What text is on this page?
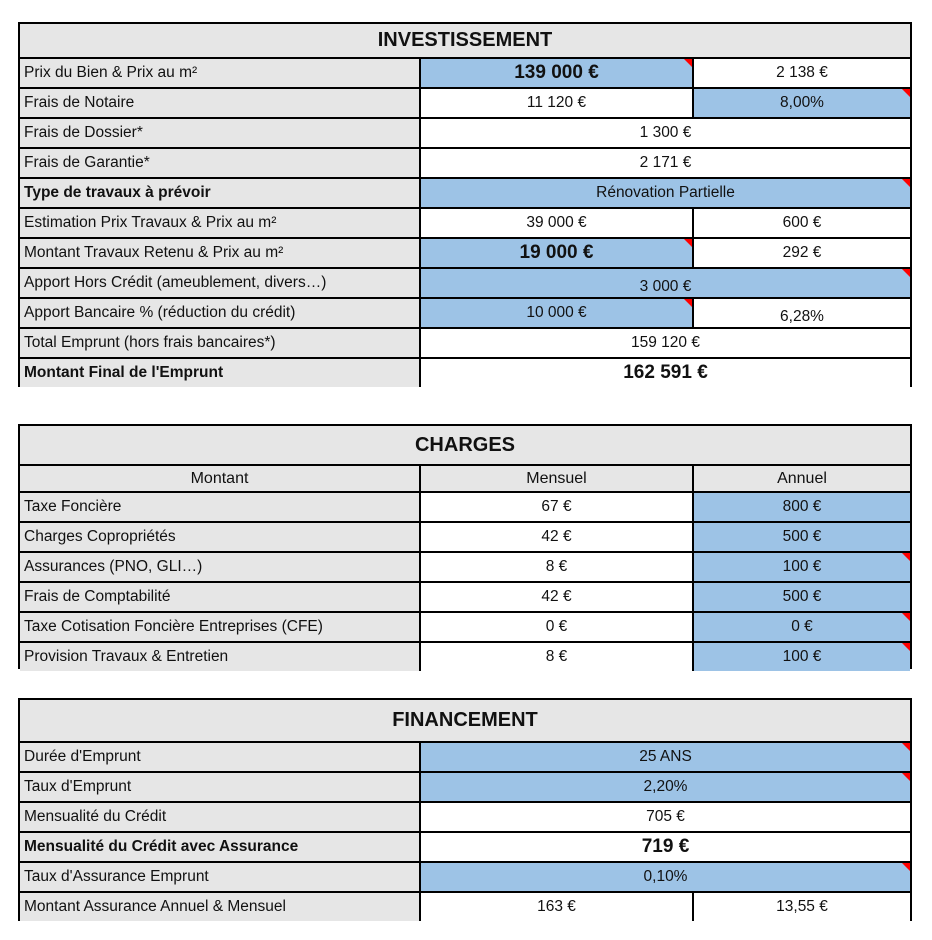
INVESTISSEMENT
Prix du Bien & Prix au m²	139 000 €	2 138 €
Frais de Notaire	11 120 €	8,00%
Frais de Dossier*	1 300 €
Frais de Garantie*	2 171 €
Type de travaux à prévoir	Rénovation Partielle
Estimation Prix Travaux & Prix au m²	39 000 €	600 €
Montant Travaux Retenu & Prix au m²	19 000 €	292 €
Apport Hors Crédit (ameublement, divers…)	3 000 €
Apport Bancaire % (réduction du crédit)	10 000 €	6,28%
Total Emprunt (hors frais bancaires*)	159 120 €
Montant Final de l'Emprunt	162 591 €
CHARGES
Montant	Mensuel	Annuel
Taxe Foncière	67 €	800 €
Charges Copropriétés	42 €	500 €
Assurances (PNO, GLI…)	8 €	100 €
Frais de Comptabilité	42 €	500 €
Taxe Cotisation Foncière Entreprises (CFE)	0 €	0 €
Provision Travaux & Entretien	8 €	100 €
FINANCEMENT
Durée d'Emprunt	25 ANS
Taux d'Emprunt	2,20%
Mensualité du Crédit	705 €
Mensualité du Crédit avec Assurance	719 €
Taux d'Assurance Emprunt	0,10%
Montant Assurance Annuel & Mensuel	163 €	13,55 €
